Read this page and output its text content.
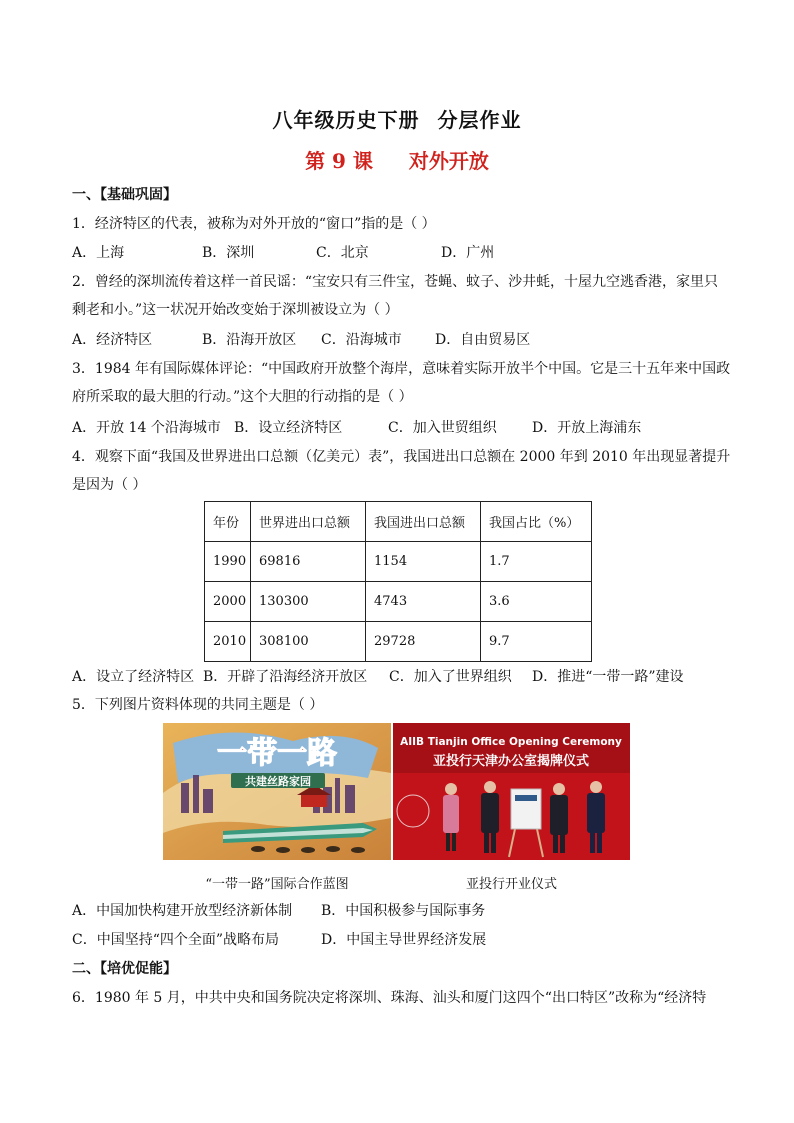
八年级历史下册 分层作业
第 9 课 对外开放
一、【基础巩固】
1．经济特区的代表，被称为对外开放的“窗口”指的是（ ）
A．上海	B．深圳	C．北京	D．广州
2．曾经的深圳流传着这样一首民谣：“宝安只有三件宝，苍蝇、蚊子、沙井蚝，十屋九空逃香港，家里只
剩老和小。”这一状况开始改变始于深圳被设立为（ ）
A．经济特区	B．沿海开放区 C．沿海城市 D．自由贸易区
3．1984 年有国际媒体评论：“中国政府开放整个海岸，意味着实际开放半个中国。它是三十五年来中国政
府所采取的最大胆的行动。”这个大胆的行动指的是（ ）
A．开放 14 个沿海城市 B．设立经济特区	C．加入世贸组织	D．开放上海浦东
4．观察下面“我国及世界进出口总额（亿美元）表”，我国进出口总额在 2000 年到 2010 年出现显著提升
是因为（ ）
年份	世界进出口总额	我国进出口总额	我国占比（%）
1990	69816	1154	1.7
2000	130300	4743	3.6
2010	308100	29728	9.7
A．设立了经济特区 B．开辟了沿海经济开放区 C．加入了世界组织 D．推进“一带一路”建设
5．下列图片资料体现的共同主题是（ ）
一带一路
共建丝路家园
AIIB Tianjin Office Opening Ceremony
亚投行天津办公室揭牌仪式
“一带一路”国际合作蓝图	亚投行开业仪式
A．中国加快构建开放型经济新体制 B．中国积极参与国际事务
C．中国坚持“四个全面”战略布局	D．中国主导世界经济发展
二、【培优促能】
6．1980 年 5 月，中共中央和国务院决定将深圳、珠海、汕头和厦门这四个“出口特区”改称为“经济特
